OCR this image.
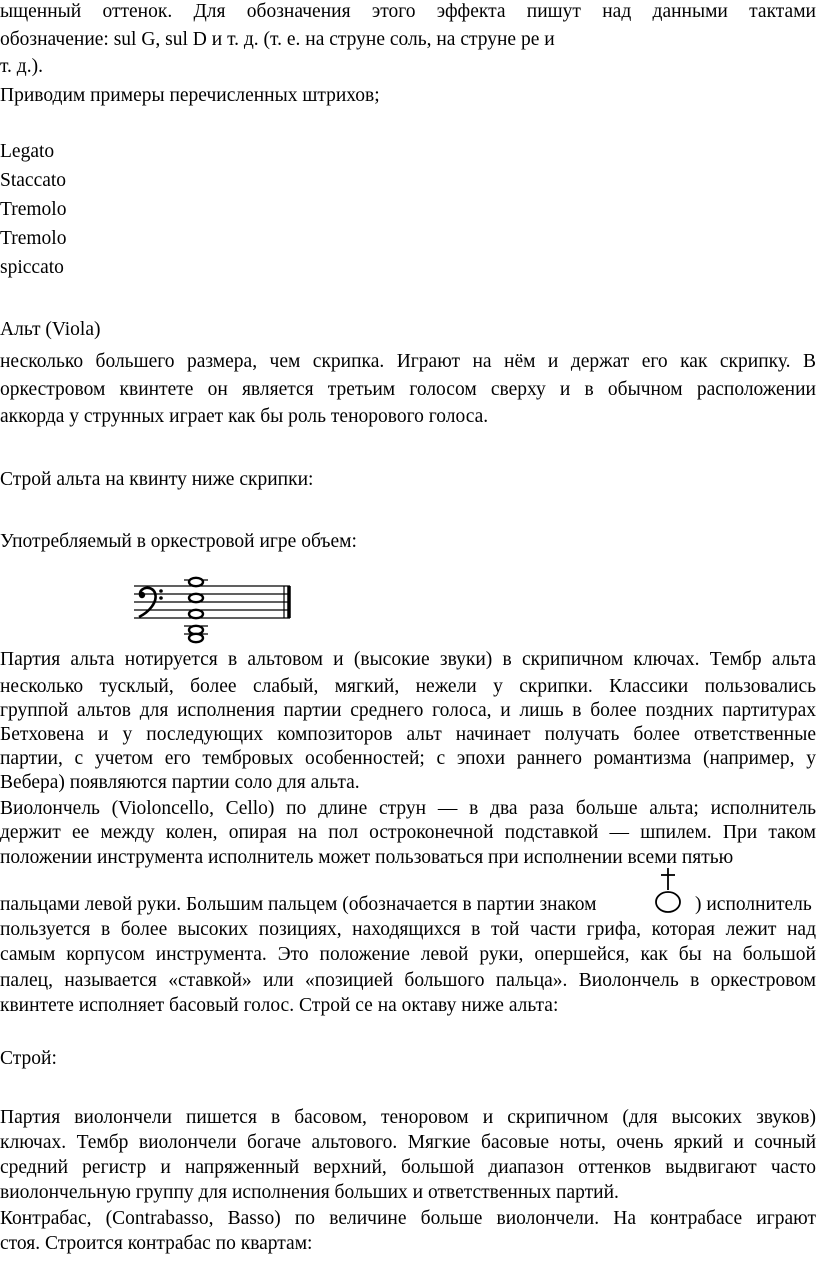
ыщенный оттенок. Для обозначения этого эффекта пишут над данными тактами
обозначение: sul G, sul D и т. д. (т. е. на струне соль, на струне ре и
т. д.).
Приводим примеры перечисленных штрихов;
Legato
Staccato
Tremolo
Tremolo
spiccato
Альт (Viola)
несколько большего размера, чем скрипка. Играют на нём и держат его как скрипку. В
оркестровом квинтете он является третьим голосом сверху и в обычном расположении
аккорда у струнных играет как бы роль тенорового голоса.
Строй альта на квинту ниже скрипки:
Употребляемый в оркестровой игре объем:
Партия альта нотируется в альтовом и (высокие звуки) в скрипичном ключах. Тембр альта
несколько тусклый, более слабый, мягкий, нежели у скрипки. Классики пользовались
группой альтов для исполнения партии среднего голоса, и лишь в более поздних партитурах
Бетховена и у последующих композиторов альт начинает получать более ответственные
партии, с учетом его тембровых особенностей; с эпохи раннего романтизма (например, у
Вебера) появляются партии соло для альта.
Виолончель (Violoncello, Cello) по длине струн — в два раза больше альта; исполнитель
держит ее между колен, опирая на пол остроконечной подставкой — шпилем. При таком
положении инструмента исполнитель может пользоваться при исполнении всеми пятью
пальцами левой руки. Большим пальцем (обозначается в партии знаком	) исполнитель
пользуется в более высоких позициях, находящихся в той части грифа, которая лежит над
самым корпусом инструмента. Это положение левой руки, опершейся, как бы на большой
палец, называется «ставкой» или «позицией большого пальца». Виолончель в оркестровом
квинтете исполняет басовый голос. Строй се на октаву ниже альта:
Строй:
Партия виолончели пишется в басовом, теноровом и скрипичном (для высоких звуков)
ключах. Тембр виолончели богаче альтового. Мягкие басовые ноты, очень яркий и сочный
средний регистр и напряженный верхний, большой диапазон оттенков выдвигают часто
виолончельную группу для исполнения больших и ответственных партий.
Контрабас, (Contrabasso, Basso) по величине больше виолончели. На контрабасе играют
стоя. Строится контрабас по квартам:
